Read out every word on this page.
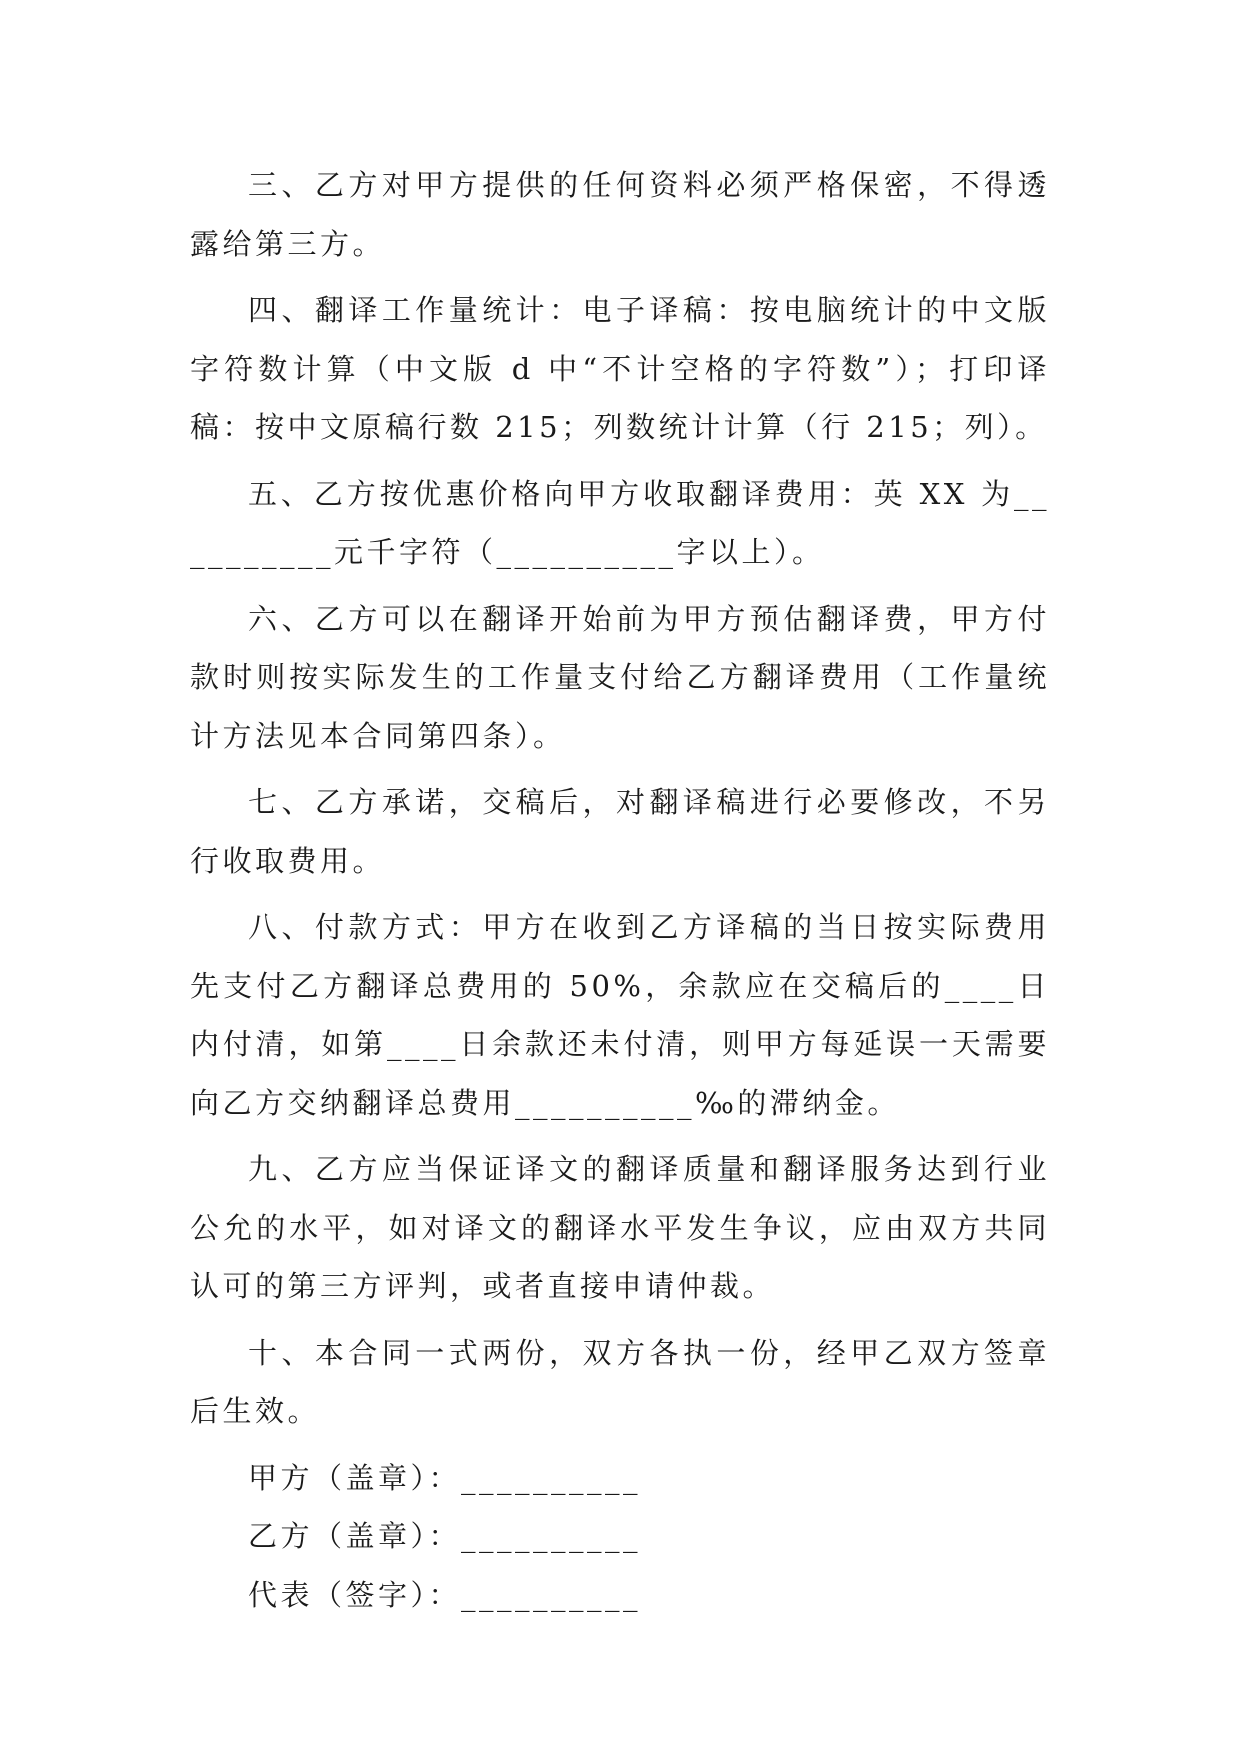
三、乙方对甲方提供的任何资料必须严格保密，不得透露给第三方。

四、翻译工作量统计：电子译稿：按电脑统计的中文版字符数计算（中文版 d 中“不计空格的字符数”）；打印译稿：按中文原稿行数 215；列数统计计算（行 215；列）。

五、乙方按优惠价格向甲方收取翻译费用：英 XX 为__________元千字符（__________字以上）。

六、乙方可以在翻译开始前为甲方预估翻译费，甲方付款时则按实际发生的工作量支付给乙方翻译费用（工作量统计方法见本合同第四条）。

七、乙方承诺，交稿后，对翻译稿进行必要修改，不另行收取费用。

八、付款方式：甲方在收到乙方译稿的当日按实际费用先支付乙方翻译总费用的 50%，余款应在交稿后的____日内付清，如第____日余款还未付清，则甲方每延误一天需要向乙方交纳翻译总费用__________‰的滞纳金。

九、乙方应当保证译文的翻译质量和翻译服务达到行业公允的水平，如对译文的翻译水平发生争议，应由双方共同认可的第三方评判，或者直接申请仲裁。

十、本合同一式两份，双方各执一份，经甲乙双方签章后生效。

甲方（盖章）：__________

乙方（盖章）：__________

代表（签字）：__________
